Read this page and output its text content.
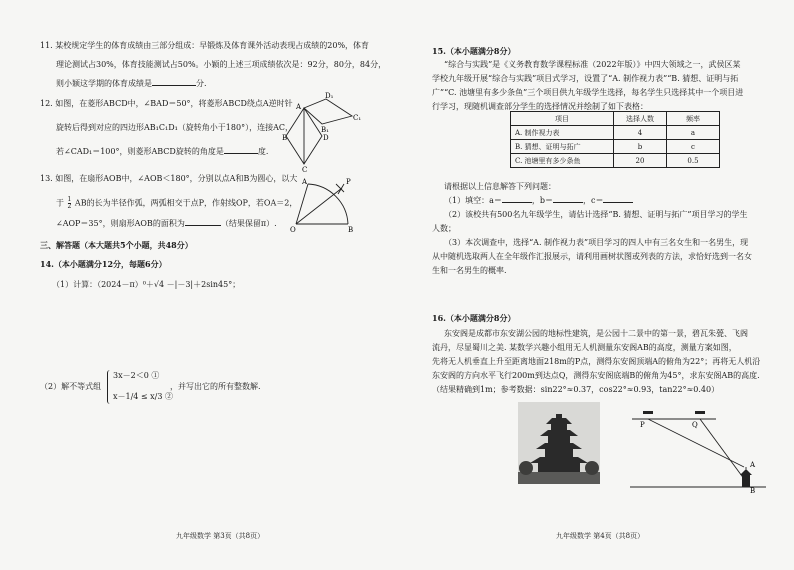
11. 某校规定学生的体育成绩由三部分组成：早锻炼及体育课外活动表现占成绩的20%，体育
理论测试占30%，体育技能测试占50%。小颖的上述三项成绩依次是：92分，80分，84分，
则小颖这学期的体育成绩是	分.
12. 如图，在菱形ABCD中，∠BAD＝50°，将菱形ABCD绕点A逆时针
旋转后得到对应的四边形AB₁C₁D₁（旋转角小于180°），连接AC，
若∠CAD₁＝100°，则菱形ABCD旋转的角度是	度.
A
B
C
D
D₁
C₁
B₁
13. 如图，在扇形AOB中，∠AOB＜180°，分别以点A和B为圆心，以大
于 $\frac{1}{2}$ AB的长为半径作弧，两弧相交于点P，作射线OP，若OA＝2，
∠AOP＝35°，则扇形AOB的面积为	（结果保留π）.
A
B
O
P
三、解答题（本大题共5个小题，共48分）
14.（本小题满分12分，每题6分）
（1）计算：（2024－π）⁰＋√4 －|－3|＋2sin45°；
（2）解不等式组
3x－2＜0 ①
x－1/4 ≤ x/3 ②
，并写出它的所有整数解.
九年级数学 第3页（共8页）
15.（本小题满分8分）
“综合与实践”是《义务教育数学课程标准（2022年版）》中四大领域之一，武侯区某
学校九年级开展“综合与实践”项目式学习，设置了“A. 制作视力表”“B. 猜想、证明与拓
广”“C. 池塘里有多少条鱼”三个项目供九年级学生选择，每名学生只选择其中一个项目进
行学习，现随机调查部分学生的选择情况并绘制了如下表格：
项目	选择人数	频率
A. 制作视力表	4	a
B. 猜想、证明与拓广	b	c
C. 池塘里有多少条鱼	20	0.5
请根据以上信息解答下列问题：
（1）填空：a＝	，b＝	，c＝
（2）该校共有500名九年级学生，请估计选择“B. 猜想、证明与拓广”项目学习的学生
人数；
（3）本次调查中，选择“A. 制作视力表”项目学习的四人中有三名女生和一名男生，现
从中随机选取两人在全年级作汇报展示，请利用画树状图或列表的方法，求恰好选到一名女
生和一名男生的概率.
16.（本小题满分8分）
东安阁是成都市东安湖公园的地标性建筑，是公园十二景中的第一景，碧瓦朱甍、飞阁
流丹，尽显蜀川之美. 某数学兴趣小组用无人机测量东安阁AB的高度，测量方案如图，
先将无人机垂直上升至距离地面218m的P点，测得东安阁顶端A的俯角为22°；再将无人机沿
东安阁的方向水平飞行200m到达点Q，测得东安阁底端B的俯角为45°，求东安阁AB的高度.
（结果精确到1m；参考数据：sin22°≈0.37，cos22°≈0.93，tan22°≈0.40）
P	Q
A
B
九年级数学 第4页（共8页）
